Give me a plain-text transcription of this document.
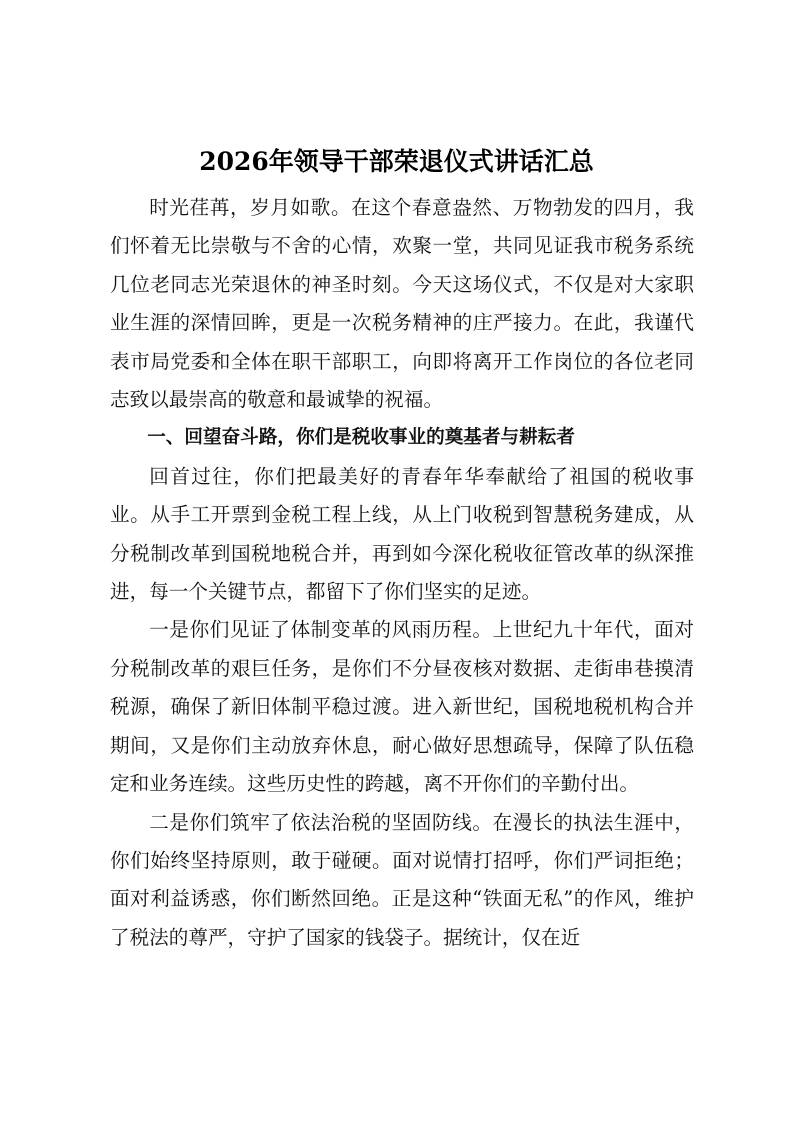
2026年领导干部荣退仪式讲话汇总

时光荏苒，岁月如歌。在这个春意盎然、万物勃发的四月，我们怀着无比崇敬与不舍的心情，欢聚一堂，共同见证我市税务系统几位老同志光荣退休的神圣时刻。今天这场仪式，不仅是对大家职业生涯的深情回眸，更是一次税务精神的庄严接力。在此，我谨代表市局党委和全体在职干部职工，向即将离开工作岗位的各位老同志致以最崇高的敬意和最诚挚的祝福。

一、回望奋斗路，你们是税收事业的奠基者与耕耘者

回首过往，你们把最美好的青春年华奉献给了祖国的税收事业。从手工开票到金税工程上线，从上门收税到智慧税务建成，从分税制改革到国税地税合并，再到如今深化税收征管改革的纵深推进，每一个关键节点，都留下了你们坚实的足迹。

一是你们见证了体制变革的风雨历程。上世纪九十年代，面对分税制改革的艰巨任务，是你们不分昼夜核对数据、走街串巷摸清税源，确保了新旧体制平稳过渡。进入新世纪，国税地税机构合并期间，又是你们主动放弃休息，耐心做好思想疏导，保障了队伍稳定和业务连续。这些历史性的跨越，离不开你们的辛勤付出。

二是你们筑牢了依法治税的坚固防线。在漫长的执法生涯中，你们始终坚持原则，敢于碰硬。面对说情打招呼，你们严词拒绝；面对利益诱惑，你们断然回绝。正是这种“铁面无私”的作风，维护了税法的尊严，守护了国家的钱袋子。据统计，仅在近
